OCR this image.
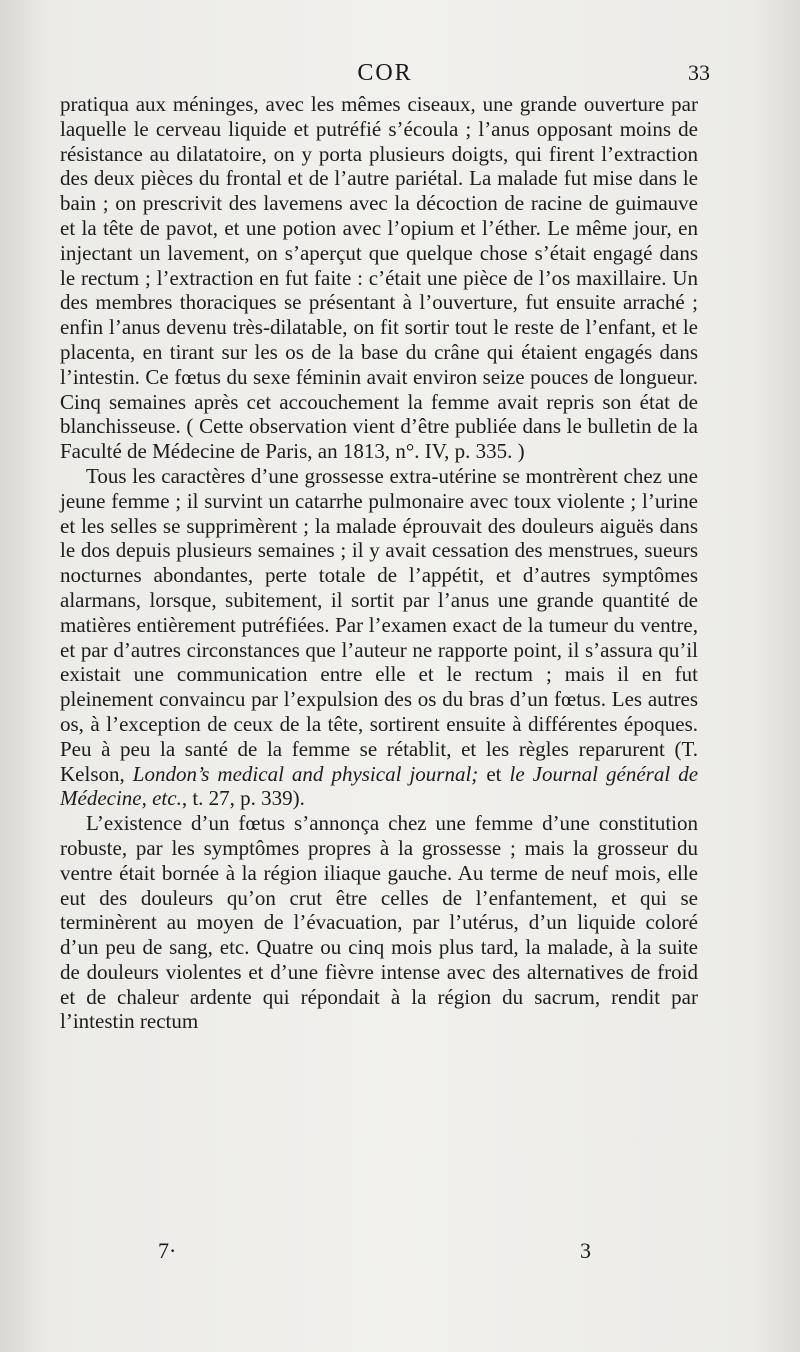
COR	33

pratiqua aux méninges, avec les mêmes ciseaux, une grande ouverture par laquelle le cerveau liquide et putréfié s’écoula ; l’anus opposant moins de résistance au dilatatoire, on y porta plusieurs doigts, qui firent l’extraction des deux pièces du frontal et de l’autre pariétal. La malade fut mise dans le bain ; on prescrivit des lavemens avec la décoction de racine de guimauve et la tête de pavot, et une potion avec l’opium et l’éther. Le même jour, en injectant un lavement, on s’aperçut que quelque chose s’était engagé dans le rectum ; l’extraction en fut faite : c’était une pièce de l’os maxillaire. Un des membres thoraciques se présentant à l’ouverture, fut ensuite arraché ; enfin l’anus devenu très-dilatable, on fit sortir tout le reste de l’enfant, et le placenta, en tirant sur les os de la base du crâne qui étaient engagés dans l’intestin. Ce fœtus du sexe féminin avait environ seize pouces de longueur. Cinq semaines après cet accouchement la femme avait repris son état de blanchisseuse. ( Cette observation vient d’être publiée dans le bulletin de la Faculté de Médecine de Paris, an 1813, n°. IV, p. 335. )

Tous les caractères d’une grossesse extra-utérine se montrèrent chez une jeune femme ; il survint un catarrhe pulmonaire avec toux violente ; l’urine et les selles se supprimèrent ; la malade éprouvait des douleurs aiguës dans le dos depuis plusieurs semaines ; il y avait cessation des menstrues, sueurs nocturnes abondantes, perte totale de l’appétit, et d’autres symptômes alarmans, lorsque, subitement, il sortit par l’anus une grande quantité de matières entièrement putréfiées. Par l’examen exact de la tumeur du ventre, et par d’autres circonstances que l’auteur ne rapporte point, il s’assura qu’il existait une communication entre elle et le rectum ; mais il en fut pleinement convaincu par l’expulsion des os du bras d’un fœtus. Les autres os, à l’exception de ceux de la tête, sortirent ensuite à différentes époques. Peu à peu la santé de la femme se rétablit, et les règles reparurent (T. Kelson, London’s medical and physical journal; et le Journal général de Médecine, etc., t. 27, p. 339).

L’existence d’un fœtus s’annonça chez une femme d’une constitution robuste, par les symptômes propres à la grossesse ; mais la grosseur du ventre était bornée à la région iliaque gauche. Au terme de neuf mois, elle eut des douleurs qu’on crut être celles de l’enfantement, et qui se terminèrent au moyen de l’évacuation, par l’utérus, d’un liquide coloré d’un peu de sang, etc. Quatre ou cinq mois plus tard, la malade, à la suite de douleurs violentes et d’une fièvre intense avec des alternatives de froid et de chaleur ardente qui répondait à la région du sacrum, rendit par l’intestin rectum

7·	3
